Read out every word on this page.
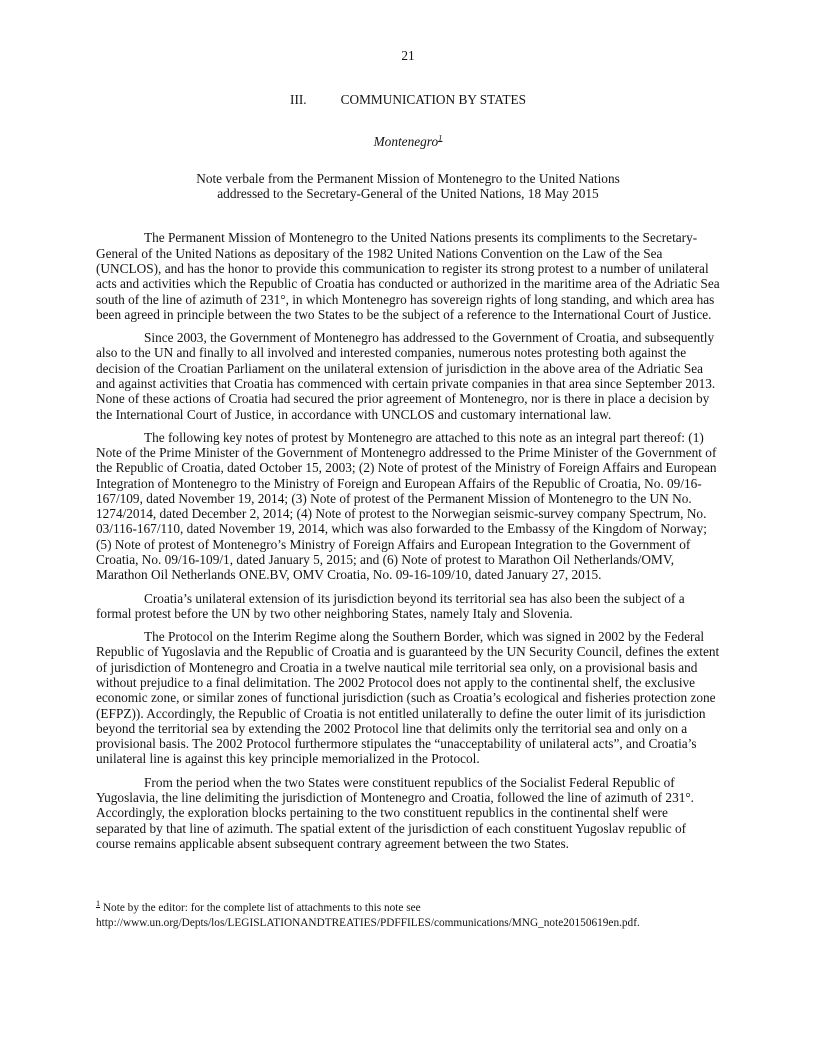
21
III.	COMMUNICATION BY STATES
Montenegro$^1$
Note verbale from the Permanent Mission of Montenegro to the United Nations
addressed to the Secretary-General of the United Nations, 18 May 2015

The Permanent Mission of Montenegro to the United Nations presents its compliments to the Secretary-General of the United Nations as depositary of the 1982 United Nations Convention on the Law of the Sea (UNCLOS), and has the honor to provide this communication to register its strong protest to a number of unilateral acts and activities which the Republic of Croatia has conducted or authorized in the maritime area of the Adriatic Sea south of the line of azimuth of 231°, in which Montenegro has sovereign rights of long standing, and which area has been agreed in principle between the two States to be the subject of a reference to the International Court of Justice.

Since 2003, the Government of Montenegro has addressed to the Government of Croatia, and subsequently also to the UN and finally to all involved and interested companies, numerous notes protesting both against the decision of the Croatian Parliament on the unilateral extension of jurisdiction in the above area of the Adriatic Sea and against activities that Croatia has commenced with certain private companies in that area since September 2013. None of these actions of Croatia had secured the prior agreement of Montenegro, nor is there in place a decision by the International Court of Justice, in accordance with UNCLOS and customary international law.

The following key notes of protest by Montenegro are attached to this note as an integral part thereof: (1) Note of the Prime Minister of the Government of Montenegro addressed to the Prime Minister of the Government of the Republic of Croatia, dated October 15, 2003; (2) Note of protest of the Ministry of Foreign Affairs and European Integration of Montenegro to the Ministry of Foreign and European Affairs of the Republic of Croatia, No. 09/16-167/109, dated November 19, 2014; (3) Note of protest of the Permanent Mission of Montenegro to the UN No. 1274/2014, dated December 2, 2014; (4) Note of protest to the Norwegian seismic-survey company Spectrum, No. 03/116-167/110, dated November 19, 2014, which was also forwarded to the Embassy of the Kingdom of Norway; (5) Note of protest of Montenegro’s Ministry of Foreign Affairs and European Integration to the Government of Croatia, No. 09/16-109/1, dated January 5, 2015; and (6) Note of protest to Marathon Oil Netherlands/OMV, Marathon Oil Netherlands ONE.BV, OMV Croatia, No. 09-16-109/10, dated January 27, 2015.

Croatia’s unilateral extension of its jurisdiction beyond its territorial sea has also been the subject of a formal protest before the UN by two other neighboring States, namely Italy and Slovenia.

The Protocol on the Interim Regime along the Southern Border, which was signed in 2002 by the Federal Republic of Yugoslavia and the Republic of Croatia and is guaranteed by the UN Security Council, defines the extent of jurisdiction of Montenegro and Croatia in a twelve nautical mile territorial sea only, on a provisional basis and without prejudice to a final delimitation. The 2002 Protocol does not apply to the continental shelf, the exclusive economic zone, or similar zones of functional jurisdiction (such as Croatia’s ecological and fisheries protection zone (EFPZ)). Accordingly, the Republic of Croatia is not entitled unilaterally to define the outer limit of its jurisdiction beyond the territorial sea by extending the 2002 Protocol line that delimits only the territorial sea and only on a provisional basis. The 2002 Protocol furthermore stipulates the “unacceptability of unilateral acts”, and Croatia’s unilateral line is against this key principle memorialized in the Protocol.

From the period when the two States were constituent republics of the Socialist Federal Republic of Yugoslavia, the line delimiting the jurisdiction of Montenegro and Croatia, followed the line of azimuth of 231°. Accordingly, the exploration blocks pertaining to the two constituent republics in the continental shelf were separated by that line of azimuth. The spatial extent of the jurisdiction of each constituent Yugoslav republic of course remains applicable absent subsequent contrary agreement between the two States.

$^1$ Note by the editor: for the complete list of attachments to this note see
http://www.un.org/Depts/los/LEGISLATIONANDTREATIES/PDFFILES/communications/MNG_note20150619en.pdf.
